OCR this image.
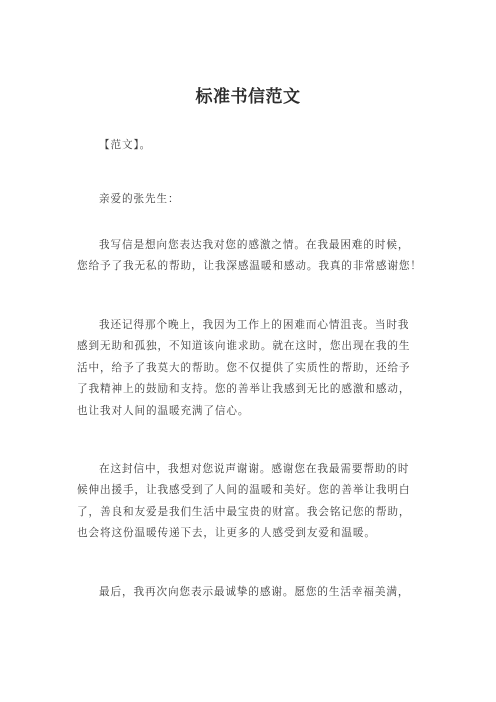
标准书信范文
【范文】。
亲爱的张先生：
我写信是想向您表达我对您的感激之情。在我最困难的时候，
您给予了我无私的帮助，让我深感温暖和感动。我真的非常感谢您！
我还记得那个晚上，我因为工作上的困难而心情沮丧。当时我
感到无助和孤独，不知道该向谁求助。就在这时，您出现在我的生
活中，给予了我莫大的帮助。您不仅提供了实质性的帮助，还给予
了我精神上的鼓励和支持。您的善举让我感到无比的感激和感动，
也让我对人间的温暖充满了信心。
在这封信中，我想对您说声谢谢。感谢您在我最需要帮助的时
候伸出援手，让我感受到了人间的温暖和美好。您的善举让我明白
了，善良和友爱是我们生活中最宝贵的财富。我会铭记您的帮助，
也会将这份温暖传递下去，让更多的人感受到友爱和温暖。
最后，我再次向您表示最诚挚的感谢。愿您的生活幸福美满，
